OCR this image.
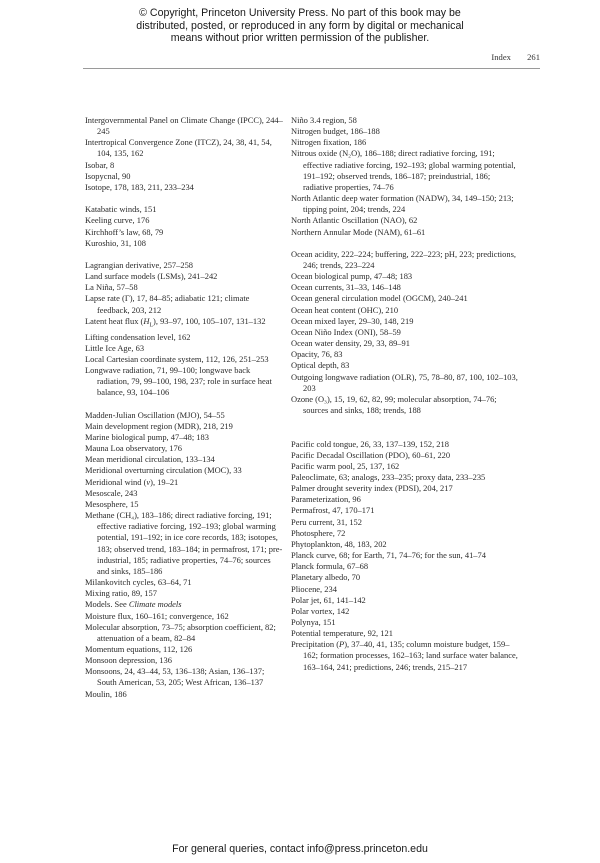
© Copyright, Princeton University Press. No part of this book may be
distributed, posted, or reproduced in any form by digital or mechanical
means without prior written permission of the publisher.
Index 261
Intergovernmental Panel on Climate Change (IPCC), 244–245
Intertropical Convergence Zone (ITCZ), 24, 38, 41, 54, 104, 135, 162
Isobar, 8
Isopycnal, 90
Isotope, 178, 183, 211, 233–234
Katabatic winds, 151
Keeling curve, 176
Kirchhoff’s law, 68, 79
Kuroshio, 31, 108
Lagrangian derivative, 257–258
Land surface models (LSMs), 241–242
La Niña, 57–58
Lapse rate (Γ), 17, 84–85; adiabatic 121; climate feedback, 203, 212
Latent heat flux $(H_L)$, 93–97, 100, 105–107, 131–132
Lifting condensation level, 162
Little Ice Age, 63
Local Cartesian coordinate system, 112, 126, 251–253
Longwave radiation, 71, 99–100; longwave back radiation, 79, 99–100, 198, 237; role in surface heat balance, 93, 104–106
Madden-Julian Oscillation (MJO), 54–55
Main development region (MDR), 218, 219
Marine biological pump, 47–48; 183
Mauna Loa observatory, 176
Mean meridional circulation, 133–134
Meridional overturning circulation (MOC), 33
Meridional wind (v), 19–21
Mesoscale, 243
Mesosphere, 15
Methane (CH₄), 183–186; direct radiative forcing, 191; effective radiative forcing, 192–193; global warming potential, 191–192; in ice core records, 183; isotopes, 183; observed trend, 183–184; in permafrost, 171; pre-industrial, 185; radiative properties, 74–76; sources and sinks, 185–186
Milankovitch cycles, 63–64, 71
Mixing ratio, 89, 157
Models. See Climate models
Moisture flux, 160–161; convergence, 162
Molecular absorption, 73–75; absorption coefficient, 82; attenuation of a beam, 82–84
Momentum equations, 112, 126
Monsoon depression, 136
Monsoons, 24, 43–44, 53, 136–138; Asian, 136–137; South American, 53, 205; West African, 136–137
Moulin, 186
Niño 3.4 region, 58
Nitrogen budget, 186–188
Nitrogen fixation, 186
Nitrous oxide (N₂O), 186–188; direct radiative forcing, 191; effective radiative forcing, 192–193; global warming potential, 191–192; observed trends, 186–187; preindustrial, 186; radiative properties, 74–76
North Atlantic deep water formation (NADW), 34, 149–150; 213; tipping point, 204; trends, 224
North Atlantic Oscillation (NAO), 62
Northern Annular Mode (NAM), 61–61
Ocean acidity, 222–224; buffering, 222–223; pH, 223; predictions, 246; trends, 223–224
Ocean biological pump, 47–48; 183
Ocean currents, 31–33, 146–148
Ocean general circulation model (OGCM), 240–241
Ocean heat content (OHC), 210
Ocean mixed layer, 29–30, 148, 219
Ocean Niño Index (ONI), 58–59
Ocean water density, 29, 33, 89–91
Opacity, 76, 83
Optical depth, 83
Outgoing longwave radiation (OLR), 75, 78–80, 87, 100, 102–103, 203
Ozone (O₃), 15, 19, 62, 82, 99; molecular absorption, 74–76; sources and sinks, 188; trends, 188
Pacific cold tongue, 26, 33, 137–139, 152, 218
Pacific Decadal Oscillation (PDO), 60–61, 220
Pacific warm pool, 25, 137, 162
Paleoclimate, 63; analogs, 233–235; proxy data, 233–235
Palmer drought severity index (PDSI), 204, 217
Parameterization, 96
Permafrost, 47, 170–171
Peru current, 31, 152
Photosphere, 72
Phytoplankton, 48, 183, 202
Planck curve, 68; for Earth, 71, 74–76; for the sun, 41–74
Planck formula, 67–68
Planetary albedo, 70
Pliocene, 234
Polar jet, 61, 141–142
Polar vortex, 142
Polynya, 151
Potential temperature, 92, 121
Precipitation (P), 37–40, 41, 135; column moisture budget, 159–162; formation processes, 162–163; land surface water balance, 163–164, 241; predictions, 246; trends, 215–217
For general queries, contact info@press.princeton.edu
